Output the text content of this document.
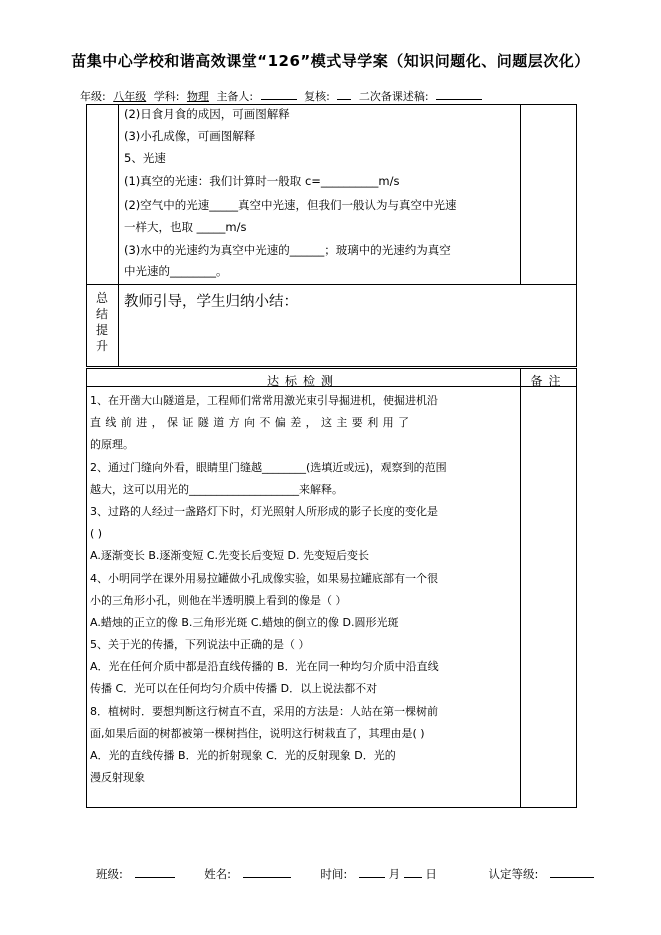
苗集中心学校和谐高效课堂“126”模式导学案（知识问题化、问题层次化）
年级: 八年级 学科: 物理 主备人:	复核:	二次备课述稿:
(2)日食月食的成因，可画图解释
(3)小孔成像，可画图解释
5、光速
(1)真空的光速：我们计算时一般取 c=__________m/s
(2)空气中的光速_____真空中光速，但我们一般认为与真空中光速
一样大，也取 _____m/s
(3)水中的光速约为真空中光速的______；玻璃中的光速约为真空
中光速的________。
总
结
提
升
教师引导，学生归纳小结：
达标检测	备注
1、在开凿大山隧道是，工程师们常常用激光束引导掘进机，使掘进机沿
直线前进，保证隧道方向不偏差，这主要利用了
的原理。
2、通过门缝向外看，眼睛里门缝越________(选填近或远)，观察到的范围
越大，这可以用光的____________________来解释。
3、过路的人经过一盏路灯下时，灯光照射人所形成的影子长度的变化是
( )
A.逐渐变长 B.逐渐变短 C.先变长后变短 D. 先变短后变长
4、小明同学在课外用易拉罐做小孔成像实验，如果易拉罐底部有一个很
小的三角形小孔，则他在半透明膜上看到的像是（ ）
A.蜡烛的正立的像 B.三角形光斑 C.蜡烛的倒立的像 D.圆形光斑
5、关于光的传播，下列说法中正确的是（ ）
A．光在任何介质中都是沿直线传播的 B．光在同一种均匀介质中沿直线
传播 C．光可以在任何均匀介质中传播 D．以上说法都不对
8．植树时．要想判断这行树直不直，采用的方法是：人站在第一棵树前
面,如果后面的树都被第一棵树挡住，说明这行树栽直了，其理由是( )
A．光的直线传播 B．光的折射现象 C．光的反射现象 D．光的
漫反射现象
班级:	姓名:	时间:	月 日	认定等级:
